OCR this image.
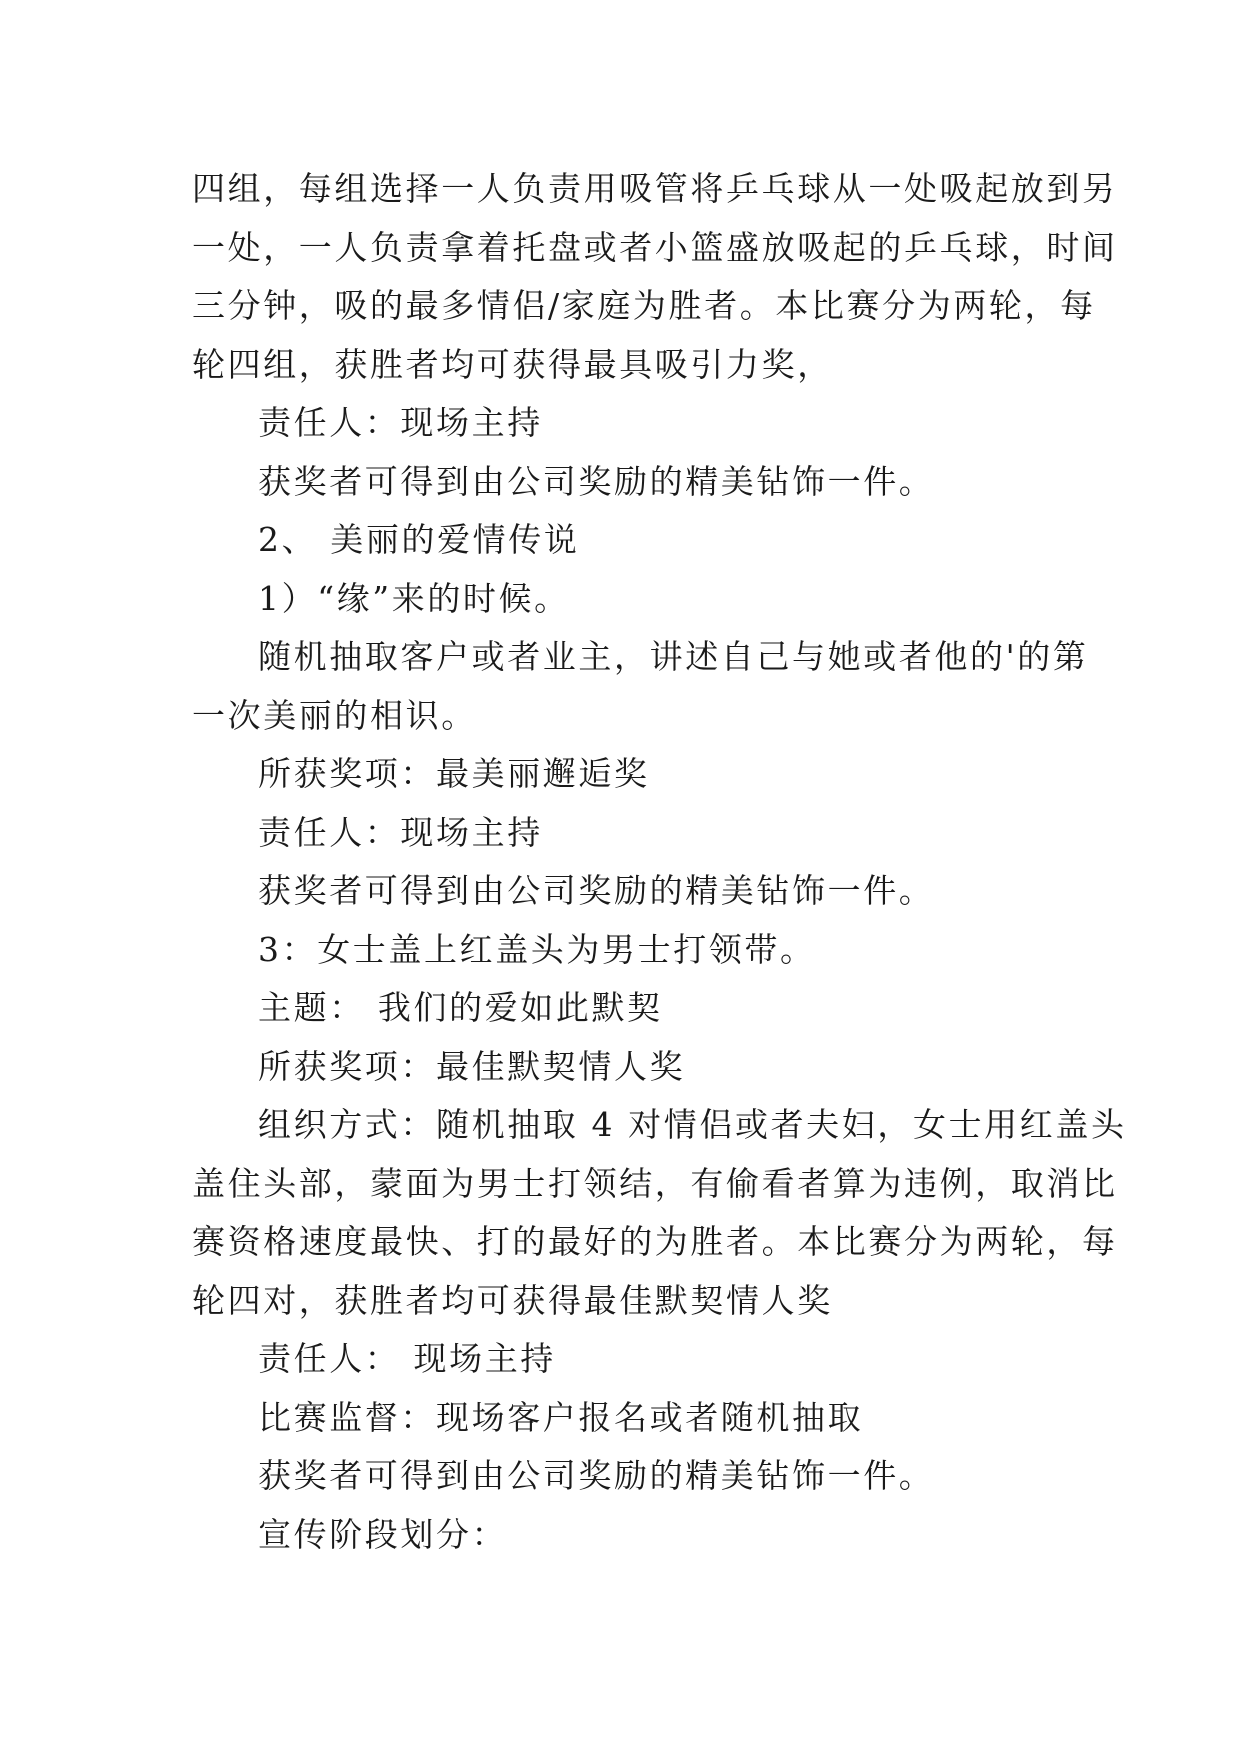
四组，每组选择一人负责用吸管将乒乓球从一处吸起放到另
一处，一人负责拿着托盘或者小篮盛放吸起的乒乓球，时间
三分钟，吸的最多情侣/家庭为胜者。本比赛分为两轮，每
轮四组，获胜者均可获得最具吸引力奖，
责任人：现场主持
获奖者可得到由公司奖励的精美钻饰一件。
2、 美丽的爱情传说
1）“缘”来的时候。
随机抽取客户或者业主，讲述自己与她或者他的'的第
一次美丽的相识。
所获奖项：最美丽邂逅奖
责任人：现场主持
获奖者可得到由公司奖励的精美钻饰一件。
3：女士盖上红盖头为男士打领带。
主题： 我们的爱如此默契
所获奖项：最佳默契情人奖
组织方式：随机抽取 4 对情侣或者夫妇，女士用红盖头
盖住头部，蒙面为男士打领结，有偷看者算为违例，取消比
赛资格速度最快、打的最好的为胜者。本比赛分为两轮，每
轮四对，获胜者均可获得最佳默契情人奖
责任人： 现场主持
比赛监督：现场客户报名或者随机抽取
获奖者可得到由公司奖励的精美钻饰一件。
宣传阶段划分：
